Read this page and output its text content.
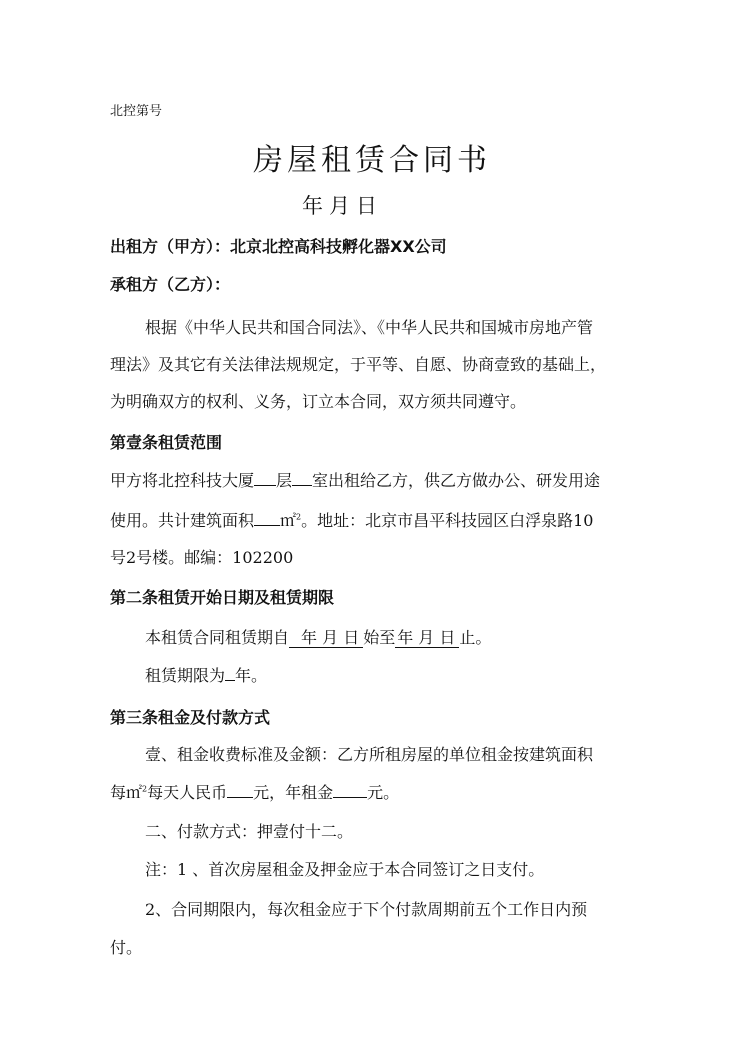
北控第号
房屋租赁合同书
年月日
出租方（甲方）：北京北控高科技孵化器XX公司
承租方（乙方）：
根据《中华人民共和国合同法》、《中华人民共和国城市房地产管
理法》及其它有关法律法规规定，于平等、自愿、协商壹致的基础上，
为明确双方的权利、义务，订立本合同，双方须共同遵守。
第壹条租赁范围
甲方将北控科技大厦 层 室出租给乙方，供乙方做办公、研发用途
使用。共计建筑面积 ㎡$^2$。地址：北京市昌平科技园区白浮泉路10
号2号楼。邮编：102200
第二条租赁开始日期及租赁期限
本租赁合同租赁期自 年 月 日 始至 年 月 日 止。
租赁期限为 年。
第三条租金及付款方式
壹、租金收费标准及金额：乙方所租房屋的单位租金按建筑面积
每㎡$^2$每天人民币 元，年租金 元。
二、付款方式：押壹付十二。
注：1 、首次房屋租金及押金应于本合同签订之日支付。
2、合同期限内，每次租金应于下个付款周期前五个工作日内预
付。
